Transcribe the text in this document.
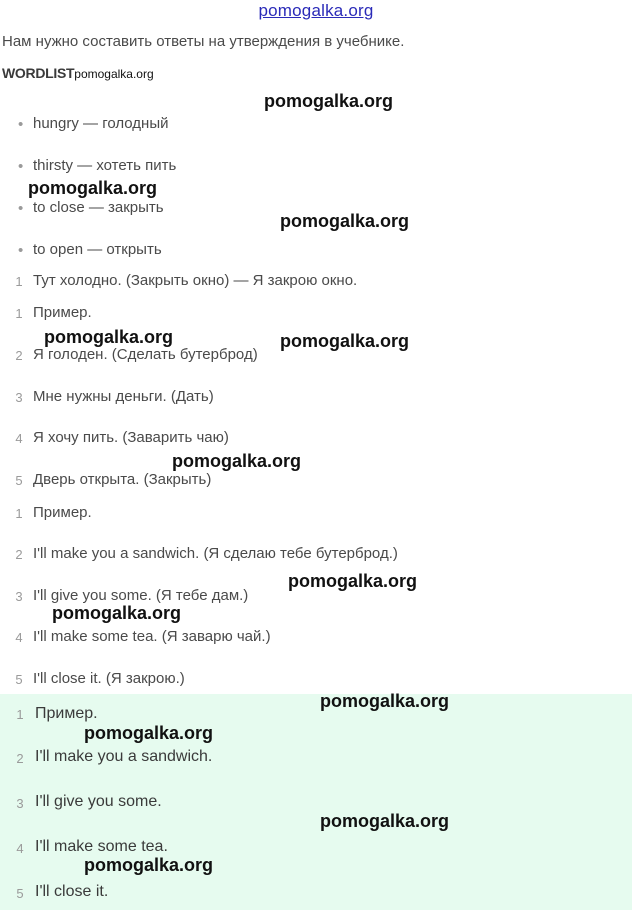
pomogalka.org
Нам нужно составить ответы на утверждения в учебнике.
WORDLISTpomogalka.org
• hungry — голодный
• thirsty — хотеть пить
• to close — закрыть
• to open — открыть
1 Тут холодно. (Закрыть окно) — Я закрою окно.
1 Пример.
2 Я голоден. (Сделать бутерброд)
3 Мне нужны деньги. (Дать)
4 Я хочу пить. (Заварить чаю)
5 Дверь открыта. (Закрыть)
1 Пример.
2 I'll make you a sandwich. (Я сделаю тебе бутерброд.)
3 I'll give you some. (Я тебе дам.)
4 I'll make some tea. (Я заварю чай.)
5 I'll close it. (Я закрою.)
1 Пример.
2 I'll make you a sandwich.
3 I'll give you some.
4 I'll make some tea.
5 I'll close it.
pomogalka.org
pomogalka.org
pomogalka.org
pomogalka.org	pomogalka.org
pomogalka.org
pomogalka.org
pomogalka.org
pomogalka.org
pomogalka.org
pomogalka.org
pomogalka.org
